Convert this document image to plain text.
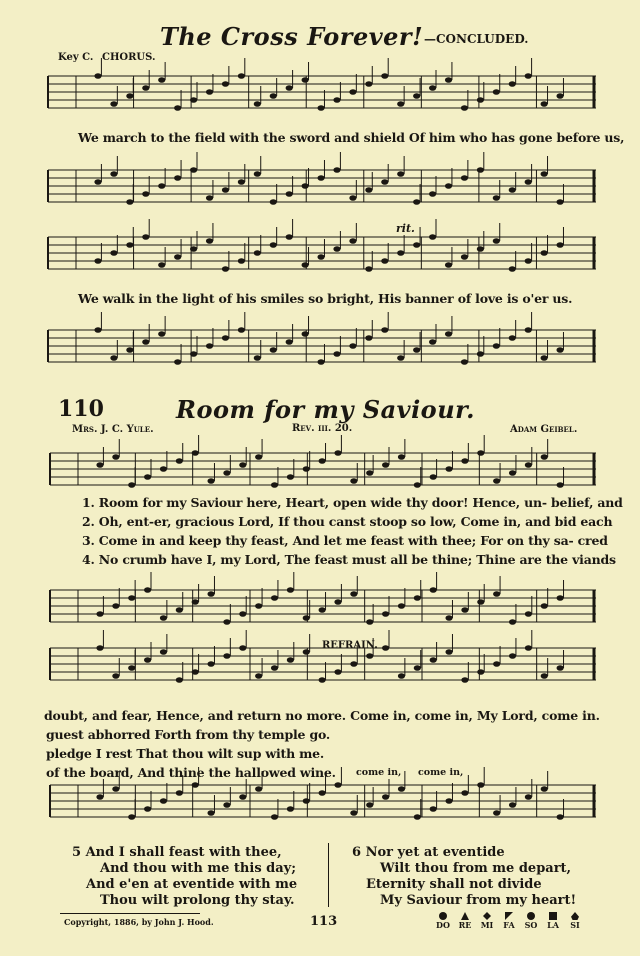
The Cross Forever! —CONCLUDED.
Key C. CHORUS.
We march to the field with the sword and shield Of him who has gone before us,
rit.
We walk in the light of his smiles so bright, His banner of love is o'er us.
110	Room for my Saviour.
Mrs. J. C. Yule.	Rev. iii. 20.	Adam Geibel.
1. Room for my Saviour here, Heart, open wide thy door! Hence, un- belief, and
2. Oh, ent-er, gracious Lord, If thou canst stoop so low, Come in, and bid each
3. Come in and keep thy feast, And let me feast with thee; For on thy sa- cred
4. No crumb have I, my Lord, The feast must all be thine; Thine are the viands
REFRAIN.
doubt, and fear, Hence, and return no more. Come in, come in, My Lord, come in.
guest abhorred Forth from thy temple go.
pledge I rest That thou wilt sup with me.
of the board, And thine the hallowed wine. come in, come in,
5 And I shall feast with thee,
And thou with me this day;
And e'en at eventide with me
Thou wilt prolong thy stay.
6 Nor yet at eventide
Wilt thou from me depart,
Eternity shall not divide
My Saviour from my heart!
Copyright, 1886, by John J. Hood.	113	DO	RE	MI	FA	SO	LA	SI
